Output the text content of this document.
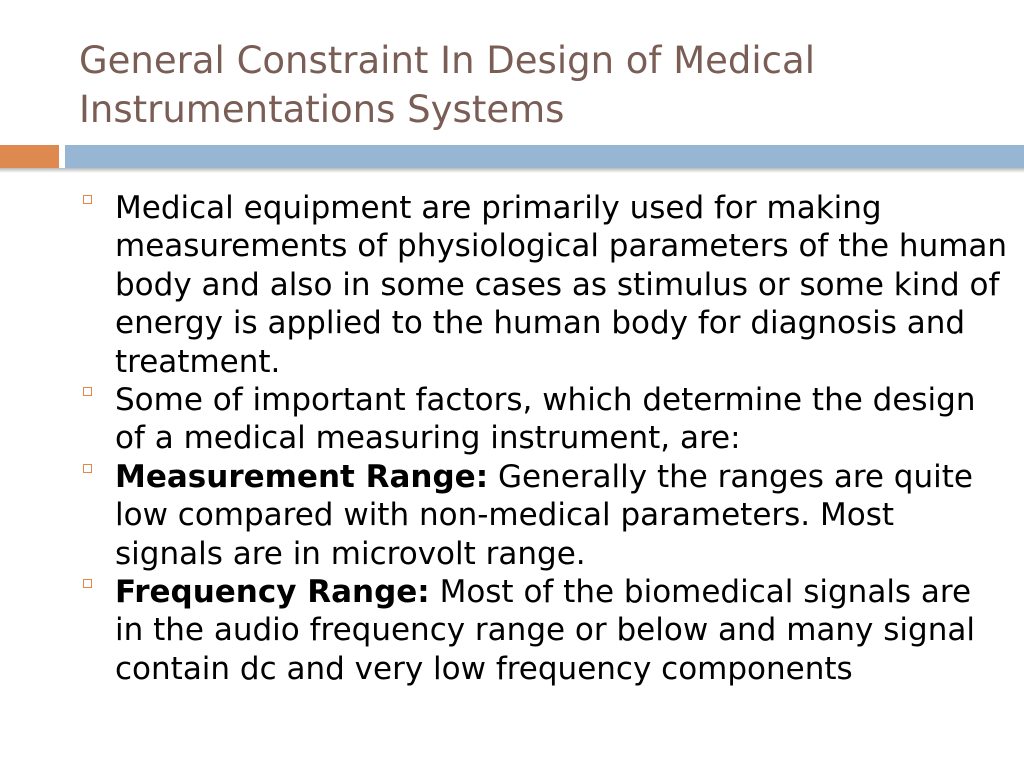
General Constraint In Design of Medical
Instrumentations Systems
Medical equipment are primarily used for making measurements of physiological parameters of the human body and also in some cases as stimulus or some kind of energy is applied to the human body for diagnosis and treatment.
Some of important factors, which determine the design of a medical measuring instrument, are:
Measurement Range: Generally the ranges are quite low compared with non-medical parameters. Most signals are in microvolt range.
Frequency Range: Most of the biomedical signals are in the audio frequency range or below and many signal contain dc and very low frequency components
